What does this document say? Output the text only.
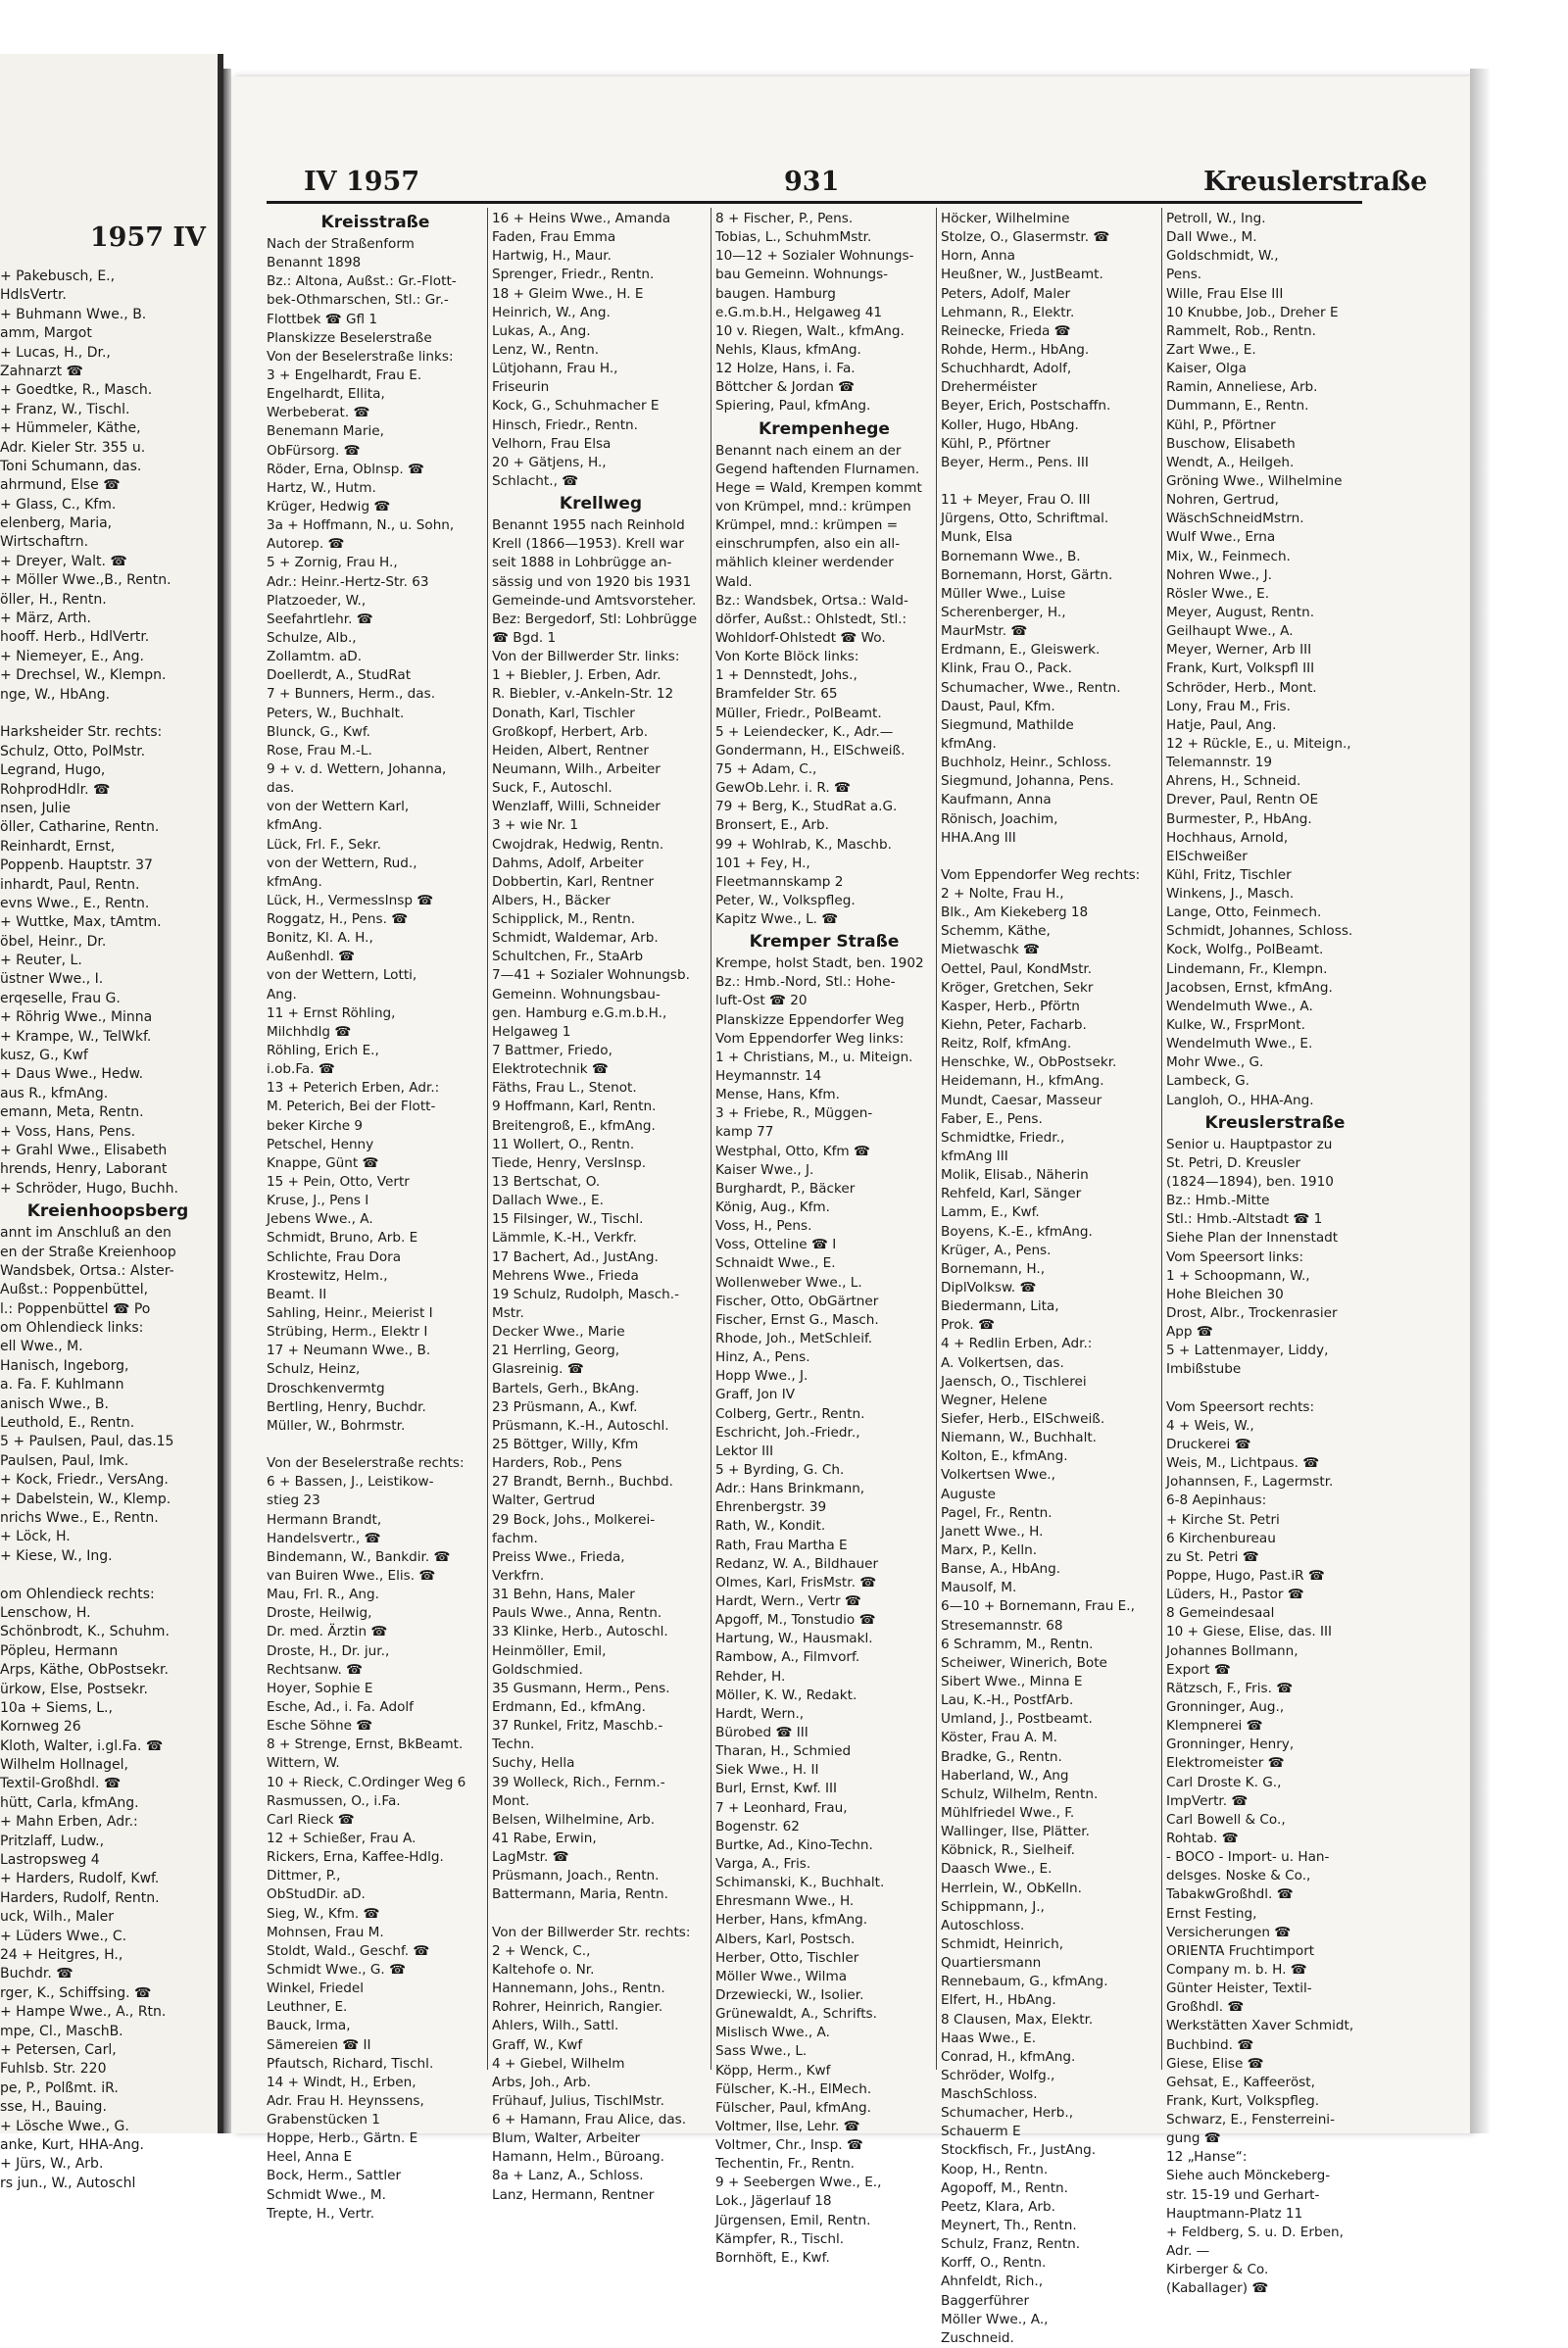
1957 IV
+ Pakebusch, E.,
HdlsVertr.
+ Buhmann Wwe., B.
amm, Margot
+ Lucas, H., Dr.,
Zahnarzt ☎
+ Goedtke, R., Masch.
+ Franz, W., Tischl.
+ Hümmeler, Käthe,
Adr. Kieler Str. 355 u.
Toni Schumann, das.
ahrmund, Else ☎
+ Glass, C., Kfm.
elenberg, Maria,
Wirtschaftrn.
+ Dreyer, Walt. ☎
+ Möller Wwe.,B., Rentn.
öller, H., Rentn.
+ März, Arth.
hooff. Herb., HdlVertr.
+ Niemeyer, E., Ang.
+ Drechsel, W., Klempn.
nge, W., HbAng.

Harksheider Str. rechts:
Schulz, Otto, PolMstr.
Legrand, Hugo,
RohprodHdlr. ☎
nsen, Julie
öller, Catharine, Rentn.
Reinhardt, Ernst,
Poppenb. Hauptstr. 37
inhardt, Paul, Rentn.
evns Wwe., E., Rentn.
+ Wuttke, Max, tAmtm.
öbel, Heinr., Dr.
+ Reuter, L.
üstner Wwe., I.
erqeselle, Frau G.
+ Röhrig Wwe., Minna
+ Krampe, W., TelWkf.
kusz, G., Kwf
+ Daus Wwe., Hedw.
aus R., kfmAng.
emann, Meta, Rentn.
+ Voss, Hans, Pens.
+ Grahl Wwe., Elisabeth
hrends, Henry, Laborant
+ Schröder, Hugo, Buchh.
Kreienhoopsberg
annt im Anschluß an den
en der Straße Kreienhoop
Wandsbek, Ortsa.: Alster-
Außst.: Poppenbüttel,
l.: Poppenbüttel ☎ Po
om Ohlendieck links:
ell Wwe., M.
Hanisch, Ingeborg,
a. Fa. F. Kuhlmann
anisch Wwe., B.
Leuthold, E., Rentn.
5 + Paulsen, Paul, das.15
Paulsen, Paul, Imk.
+ Kock, Friedr., VersAng.
+ Dabelstein, W., Klemp.
nrichs Wwe., E., Rentn.
+ Löck, H.
+ Kiese, W., Ing.

om Ohlendieck rechts:
Lenschow, H.
Schönbrodt, K., Schuhm.
Pöpleu, Hermann
Arps, Käthe, ObPostsekr.
ürkow, Else, Postsekr.
10a + Siems, L.,
Kornweg 26
Kloth, Walter, i.gl.Fa. ☎
Wilhelm Hollnagel,
Textil-Großhdl. ☎
hütt, Carla, kfmAng.
+ Mahn Erben, Adr.:
Pritzlaff, Ludw.,
Lastropsweg 4
+ Harders, Rudolf, Kwf.
Harders, Rudolf, Rentn.
uck, Wilh., Maler
+ Lüders Wwe., C.
24 + Heitgres, H.,
Buchdr. ☎
rger, K., Schiffsing. ☎
+ Hampe Wwe., A., Rtn.
mpe, Cl., MaschB.
+ Petersen, Carl,
Fuhlsb. Str. 220
pe, P., Polßmt. iR.
sse, H., Bauing.
+ Lösche Wwe., G.
anke, Kurt, HHA-Ang.
+ Jürs, W., Arb.
rs jun., W., Autoschl
IV 1957	931	Kreuslerstraße
Kreisstraße
Nach der Straßenform
Benannt 1898
Bz.: Altona, Außst.: Gr.-Flott-
bek-Othmarschen, Stl.: Gr.-
Flottbek ☎ Gfl 1
Planskizze Beselerstraße
Von der Beselerstraße links:
3 + Engelhardt, Frau E.
Engelhardt, Ellita,
Werbeberat. ☎
Benemann Marie,
ObFürsorg. ☎
Röder, Erna, Oblnsp. ☎
Hartz, W., Hutm.
Krüger, Hedwig ☎
3a + Hoffmann, N., u. Sohn,
Autorep. ☎
5 + Zornig, Frau H.,
Adr.: Heinr.-Hertz-Str. 63
Platzoeder, W.,
Seefahrtlehr. ☎
Schulze, Alb.,
Zollamtm. aD.
Doellerdt, A., StudRat
7 + Bunners, Herm., das.
Peters, W., Buchhalt.
Blunck, G., Kwf.
Rose, Frau M.-L.
9 + v. d. Wettern, Johanna,
das.
von der Wettern Karl,
kfmAng.
Lück, Frl. F., Sekr.
von der Wettern, Rud.,
kfmAng.
Lück, H., VermessInsp ☎
Roggatz, H., Pens. ☎
Bonitz, Kl. A. H.,
Außenhdl. ☎
von der Wettern, Lotti,
Ang.
11 + Ernst Röhling,
Milchhdlg ☎
Röhling, Erich E.,
i.ob.Fa. ☎
13 + Peterich Erben, Adr.:
M. Peterich, Bei der Flott-
beker Kirche 9
Petschel, Henny
Knappe, Günt ☎
15 + Pein, Otto, Vertr
Kruse, J., Pens I
Jebens Wwe., A.
Schmidt, Bruno, Arb. E
Schlichte, Frau Dora
Krostewitz, Helm.,
Beamt. II
Sahling, Heinr., Meierist I
Strübing, Herm., Elektr I
17 + Neumann Wwe., B.
Schulz, Heinz,
Droschkenvermtg
Bertling, Henry, Buchdr.
Müller, W., Bohrmstr.

Von der Beselerstraße rechts:
6 + Bassen, J., Leistikow-
stieg 23
Hermann Brandt,
Handelsvertr., ☎
Bindemann, W., Bankdir. ☎
van Buiren Wwe., Elis. ☎
Mau, Frl. R., Ang.
Droste, Heilwig,
Dr. med. Ärztin ☎
Droste, H., Dr. jur.,
Rechtsanw. ☎
Hoyer, Sophie E
Esche, Ad., i. Fa. Adolf
Esche Söhne ☎
8 + Strenge, Ernst, BkBeamt.
Wittern, W.
10 + Rieck, C.Ordinger Weg 6
Rasmussen, O., i.Fa.
Carl Rieck ☎
12 + Schießer, Frau A.
Rickers, Erna, Kaffee-Hdlg.
Dittmer, P.,
ObStudDir. aD.
Sieg, W., Kfm. ☎
Mohnsen, Frau M.
Stoldt, Wald., Geschf. ☎
Schmidt Wwe., G. ☎
Winkel, Friedel
Leuthner, E.
Bauck, Irma,
Sämereien ☎ II
Pfautsch, Richard, Tischl.
14 + Windt, H., Erben,
Adr. Frau H. Heynssens,
Grabenstücken 1
Hoppe, Herb., Gärtn. E
Heel, Anna E
Bock, Herm., Sattler
Schmidt Wwe., M.
Trepte, H., Vertr.
16 + Heins Wwe., Amanda
Faden, Frau Emma
Hartwig, H., Maur.
Sprenger, Friedr., Rentn.
18 + Gleim Wwe., H. E
Heinrich, W., Ang.
Lukas, A., Ang.
Lenz, W., Rentn.
Lütjohann, Frau H.,
Friseurin
Kock, G., Schuhmacher E
Hinsch, Friedr., Rentn.
Velhorn, Frau Elsa
20 + Gätjens, H.,
Schlacht., ☎
Krellweg
Benannt 1955 nach Reinhold
Krell (1866—1953). Krell war
seit 1888 in Lohbrügge an-
sässig und von 1920 bis 1931
Gemeinde-und Amtsvorsteher.
Bez: Bergedorf, Stl: Lohbrügge
☎ Bgd. 1
Von der Billwerder Str. links:
1 + Biebler, J. Erben, Adr.
R. Biebler, v.-Ankeln-Str. 12
Donath, Karl, Tischler
Großkopf, Herbert, Arb.
Heiden, Albert, Rentner
Neumann, Wilh., Arbeiter
Suck, F., Autoschl.
Wenzlaff, Willi, Schneider
3 + wie Nr. 1
Cwojdrak, Hedwig, Rentn.
Dahms, Adolf, Arbeiter
Dobbertin, Karl, Rentner
Albers, H., Bäcker
Schipplick, M., Rentn.
Schmidt, Waldemar, Arb.
Schultchen, Fr., StaArb
7—41 + Sozialer Wohnungsb.
Gemeinn. Wohnungsbau-
gen. Hamburg e.G.m.b.H.,
Helgaweg 1
7 Battmer, Friedo,
Elektrotechnik ☎
Fäths, Frau L., Stenot.
9 Hoffmann, Karl, Rentn.
Breitengroß, E., kfmAng.
11 Wollert, O., Rentn.
Tiede, Henry, VersInsp.
13 Bertschat, O.
Dallach Wwe., E.
15 Filsinger, W., Tischl.
Lämmle, K.-H., Verkfr.
17 Bachert, Ad., JustAng.
Mehrens Wwe., Frieda
19 Schulz, Rudolph, Masch.-
Mstr.
Decker Wwe., Marie
21 Herrling, Georg,
Glasreinig. ☎
Bartels, Gerh., BkAng.
23 Prüsmann, A., Kwf.
Prüsmann, K.-H., Autoschl.
25 Böttger, Willy, Kfm
Harders, Rob., Pens
27 Brandt, Bernh., Buchbd.
Walter, Gertrud
29 Bock, Johs., Molkerei-
fachm.
Preiss Wwe., Frieda,
Verkfrn.
31 Behn, Hans, Maler
Pauls Wwe., Anna, Rentn.
33 Klinke, Herb., Autoschl.
Heinmöller, Emil,
Goldschmied.
35 Gusmann, Herm., Pens.
Erdmann, Ed., kfmAng.
37 Runkel, Fritz, Maschb.-
Techn.
Suchy, Hella
39 Wolleck, Rich., Fernm.-
Mont.
Belsen, Wilhelmine, Arb.
41 Rabe, Erwin,
LagMstr. ☎
Prüsmann, Joach., Rentn.
Battermann, Maria, Rentn.

Von der Billwerder Str. rechts:
2 + Wenck, C.,
Kaltehofe o. Nr.
Hannemann, Johs., Rentn.
Rohrer, Heinrich, Rangier.
Ahlers, Wilh., Sattl.
Graff, W., Kwf
4 + Giebel, Wilhelm
Arbs, Joh., Arb.
Frühauf, Julius, TischlMstr.
6 + Hamann, Frau Alice, das.
Blum, Walter, Arbeiter
Hamann, Helm., Büroang.
8a + Lanz, A., Schloss.
Lanz, Hermann, Rentner
8 + Fischer, P., Pens.
Tobias, L., SchuhmMstr.
10—12 + Sozialer Wohnungs-
bau Gemeinn. Wohnungs-
baugen. Hamburg
e.G.m.b.H., Helgaweg 41
10 v. Riegen, Walt., kfmAng.
Nehls, Klaus, kfmAng.
12 Holze, Hans, i. Fa.
Böttcher & Jordan ☎
Spiering, Paul, kfmAng.
Krempenhege
Benannt nach einem an der
Gegend haftenden Flurnamen.
Hege = Wald, Krempen kommt
von Krümpel, mnd.: krümpen
Krümpel, mnd.: krümpen =
einschrumpfen, also ein all-
mählich kleiner werdender
Wald.
Bz.: Wandsbek, Ortsa.: Wald-
dörfer, Außst.: Ohlstedt, Stl.:
Wohldorf-Ohlstedt ☎ Wo.
Von Korte Blöck links:
1 + Dennstedt, Johs.,
Bramfelder Str. 65
Müller, Friedr., PolBeamt.
5 + Leiendecker, K., Adr.—
Gondermann, H., ElSchweiß.
75 + Adam, C.,
GewOb.Lehr. i. R. ☎
79 + Berg, K., StudRat a.G.
Bronsert, E., Arb.
99 + Wohlrab, K., Maschb.
101 + Fey, H.,
Fleetmannskamp 2
Peter, W., Volkspfleg.
Kapitz Wwe., L. ☎
Kremper Straße
Krempe, holst Stadt, ben. 1902
Bz.: Hmb.-Nord, Stl.: Hohe-
luft-Ost ☎ 20
Planskizze Eppendorfer Weg
Vom Eppendorfer Weg links:
1 + Christians, M., u. Miteign.
Heymannstr. 14
Mense, Hans, Kfm.
3 + Friebe, R., Müggen-
kamp 77
Westphal, Otto, Kfm ☎
Kaiser Wwe., J.
Burghardt, P., Bäcker
König, Aug., Kfm.
Voss, H., Pens.
Voss, Otteline ☎ I
Schnaidt Wwe., E.
Wollenweber Wwe., L.
Fischer, Otto, ObGärtner
Fischer, Ernst G., Masch.
Rhode, Joh., MetSchleif.
Hinz, A., Pens.
Hopp Wwe., J.
Graff, Jon IV
Colberg, Gertr., Rentn.
Eschricht, Joh.-Friedr.,
Lektor III
5 + Byrding, G. Ch.
Adr.: Hans Brinkmann,
Ehrenbergstr. 39
Rath, W., Kondit.
Rath, Frau Martha E
Redanz, W. A., Bildhauer
Olmes, Karl, FrisMstr. ☎
Hardt, Wern., Vertr ☎
Apgoff, M., Tonstudio ☎
Hartung, W., Hausmakl.
Rambow, A., Filmvorf.
Rehder, H.
Möller, K. W., Redakt.
Hardt, Wern.,
Bürobed ☎ III
Tharan, H., Schmied
Siek Wwe., H. II
Burl, Ernst, Kwf. III
7 + Leonhard, Frau,
Bogenstr. 62
Burtke, Ad., Kino-Techn.
Varga, A., Fris.
Schimanski, K., Buchhalt.
Ehresmann Wwe., H.
Herber, Hans, kfmAng.
Albers, Karl, Postsch.
Herber, Otto, Tischler
Möller Wwe., Wilma
Drzewiecki, W., Isolier.
Grünewaldt, A., Schrifts.
Mislisch Wwe., A.
Sass Wwe., L.
Köpp, Herm., Kwf
Fülscher, K.-H., ElMech.
Fülscher, Paul, kfmAng.
Voltmer, Ilse, Lehr. ☎
Voltmer, Chr., Insp. ☎
Techentin, Fr., Rentn.
9 + Seebergen Wwe., E.,
Lok., Jägerlauf 18
Jürgensen, Emil, Rentn.
Kämpfer, R., Tischl.
Bornhöft, E., Kwf.
Höcker, Wilhelmine
Stolze, O., Glasermstr. ☎
Horn, Anna
Heußner, W., JustBeamt.
Peters, Adolf, Maler
Lehmann, R., Elektr.
Reinecke, Frieda ☎
Rohde, Herm., HbAng.
Schuchhardt, Adolf,
Dreherméister
Beyer, Erich, Postschaffn.
Koller, Hugo, HbAng.
Kühl, P., Pförtner
Beyer, Herm., Pens. III

11 + Meyer, Frau O. III
Jürgens, Otto, Schriftmal.
Munk, Elsa
Bornemann Wwe., B.
Bornemann, Horst, Gärtn.
Müller Wwe., Luise
Scherenberger, H.,
MaurMstr. ☎
Erdmann, E., Gleiswerk.
Klink, Frau O., Pack.
Schumacher, Wwe., Rentn.
Daust, Paul, Kfm.
Siegmund, Mathilde
kfmAng.
Buchholz, Heinr., Schloss.
Siegmund, Johanna, Pens.
Kaufmann, Anna
Rönisch, Joachim,
HHA.Ang III

Vom Eppendorfer Weg rechts:
2 + Nolte, Frau H.,
Blk., Am Kiekeberg 18
Schemm, Käthe,
Mietwaschk ☎
Oettel, Paul, KondMstr.
Kröger, Gretchen, Sekr
Kasper, Herb., Pförtn
Kiehn, Peter, Facharb.
Reitz, Rolf, kfmAng.
Henschke, W., ObPostsekr.
Heidemann, H., kfmAng.
Mundt, Caesar, Masseur
Faber, E., Pens.
Schmidtke, Friedr.,
kfmAng III
Molik, Elisab., Näherin
Rehfeld, Karl, Sänger
Lamm, E., Kwf.
Boyens, K.-E., kfmAng.
Krüger, A., Pens.
Bornemann, H.,
DiplVolksw. ☎
Biedermann, Lita,
Prok. ☎
4 + Redlin Erben, Adr.:
A. Volkertsen, das.
Jaensch, O., Tischlerei
Wegner, Helene
Siefer, Herb., ElSchweiß.
Niemann, W., Buchhalt.
Kolton, E., kfmAng.
Volkertsen Wwe.,
Auguste
Pagel, Fr., Rentn.
Janett Wwe., H.
Marx, P., Kelln.
Banse, A., HbAng.
Mausolf, M.
6—10 + Bornemann, Frau E.,
Stresemannstr. 68
6 Schramm, M., Rentn.
Scheiwer, Winerich, Bote
Sibert Wwe., Minna E
Lau, K.-H., PostfArb.
Umland, J., Postbeamt.
Köster, Frau A. M.
Bradke, G., Rentn.
Haberland, W., Ang
Schulz, Wilhelm, Rentn.
Mühlfriedel Wwe., F.
Wallinger, Ilse, Plätter.
Köbnick, R., Sielheif.
Daasch Wwe., E.
Herrlein, W., ObKelln.
Schippmann, J.,
Autoschloss.
Schmidt, Heinrich,
Quartiersmann
Rennebaum, G., kfmAng.
Elfert, H., HbAng.
8 Clausen, Max, Elektr.
Haas Wwe., E.
Conrad, H., kfmAng.
Schröder, Wolfg.,
MaschSchloss.
Schumacher, Herb.,
Schauerm E
Stockfisch, Fr., JustAng.
Koop, H., Rentn.
Agopoff, M., Rentn.
Peetz, Klara, Arb.
Meynert, Th., Rentn.
Schulz, Franz, Rentn.
Korff, O., Rentn.
Ahnfeldt, Rich.,
Baggerführer
Möller Wwe., A.,
Zuschneid.
Petroll, W., Ing.
Dall Wwe., M.
Goldschmidt, W.,
Pens.
Wille, Frau Else III
10 Knubbe, Job., Dreher E
Rammelt, Rob., Rentn.
Zart Wwe., E.
Kaiser, Olga
Ramin, Anneliese, Arb.
Dummann, E., Rentn.
Kühl, P., Pförtner
Buschow, Elisabeth
Wendt, A., Heilgeh.
Gröning Wwe., Wilhelmine
Nohren, Gertrud,
WäschSchneidMstrn.
Wulf Wwe., Erna
Mix, W., Feinmech.
Nohren Wwe., J.
Rösler Wwe., E.
Meyer, August, Rentn.
Geilhaupt Wwe., A.
Meyer, Werner, Arb III
Frank, Kurt, Volkspfl III
Schröder, Herb., Mont.
Lony, Frau M., Fris.
Hatje, Paul, Ang.
12 + Rückle, E., u. Miteign.,
Telemannstr. 19
Ahrens, H., Schneid.
Drever, Paul, Rentn OE
Burmester, P., HbAng.
Hochhaus, Arnold,
ElSchweißer
Kühl, Fritz, Tischler
Winkens, J., Masch.
Lange, Otto, Feinmech.
Schmidt, Johannes, Schloss.
Kock, Wolfg., PolBeamt.
Lindemann, Fr., Klempn.
Jacobsen, Ernst, kfmAng.
Wendelmuth Wwe., A.
Kulke, W., FrsprMont.
Wendelmuth Wwe., E.
Mohr Wwe., G.
Lambeck, G.
Langloh, O., HHA-Ang.
Kreuslerstraße
Senior u. Hauptpastor zu
St. Petri, D. Kreusler
(1824—1894), ben. 1910
Bz.: Hmb.-Mitte
Stl.: Hmb.-Altstadt ☎ 1
Siehe Plan der Innenstadt
Vom Speersort links:
1 + Schoopmann, W.,
Hohe Bleichen 30
Drost, Albr., Trockenrasier
App ☎
5 + Lattenmayer, Liddy,
Imbißstube

Vom Speersort rechts:
4 + Weis, W.,
Druckerei ☎
Weis, M., Lichtpaus. ☎
Johannsen, F., Lagermstr.
6-8 Aepinhaus:
+ Kirche St. Petri
6 Kirchenbureau
zu St. Petri ☎
Poppe, Hugo, Past.iR ☎
Lüders, H., Pastor ☎
8 Gemeindesaal
10 + Giese, Elise, das. III
Johannes Bollmann,
Export ☎
Rätzsch, F., Fris. ☎
Gronninger, Aug.,
Klempnerei ☎
Gronninger, Henry,
Elektromeister ☎
Carl Droste K. G.,
ImpVertr. ☎
Carl Bowell & Co.,
Rohtab. ☎
- BOCO - Import- u. Han-
delsges. Noske & Co.,
TabakwGroßhdl. ☎
Ernst Festing,
Versicherungen ☎
ORIENTA Fruchtimport
Company m. b. H. ☎
Günter Heister, Textil-
Großhdl. ☎
Werkstätten Xaver Schmidt,
Buchbind. ☎
Giese, Elise ☎
Gehsat, E., Kaffeeröst,
Frank, Kurt, Volkspfleg.
Schwarz, E., Fensterreini-
gung ☎
12 „Hanse“:
Siehe auch Mönckeberg-
str. 15-19 und Gerhart-
Hauptmann-Platz 11
+ Feldberg, S. u. D. Erben,
Adr. —
Kirberger & Co.
(Kaballager) ☎
